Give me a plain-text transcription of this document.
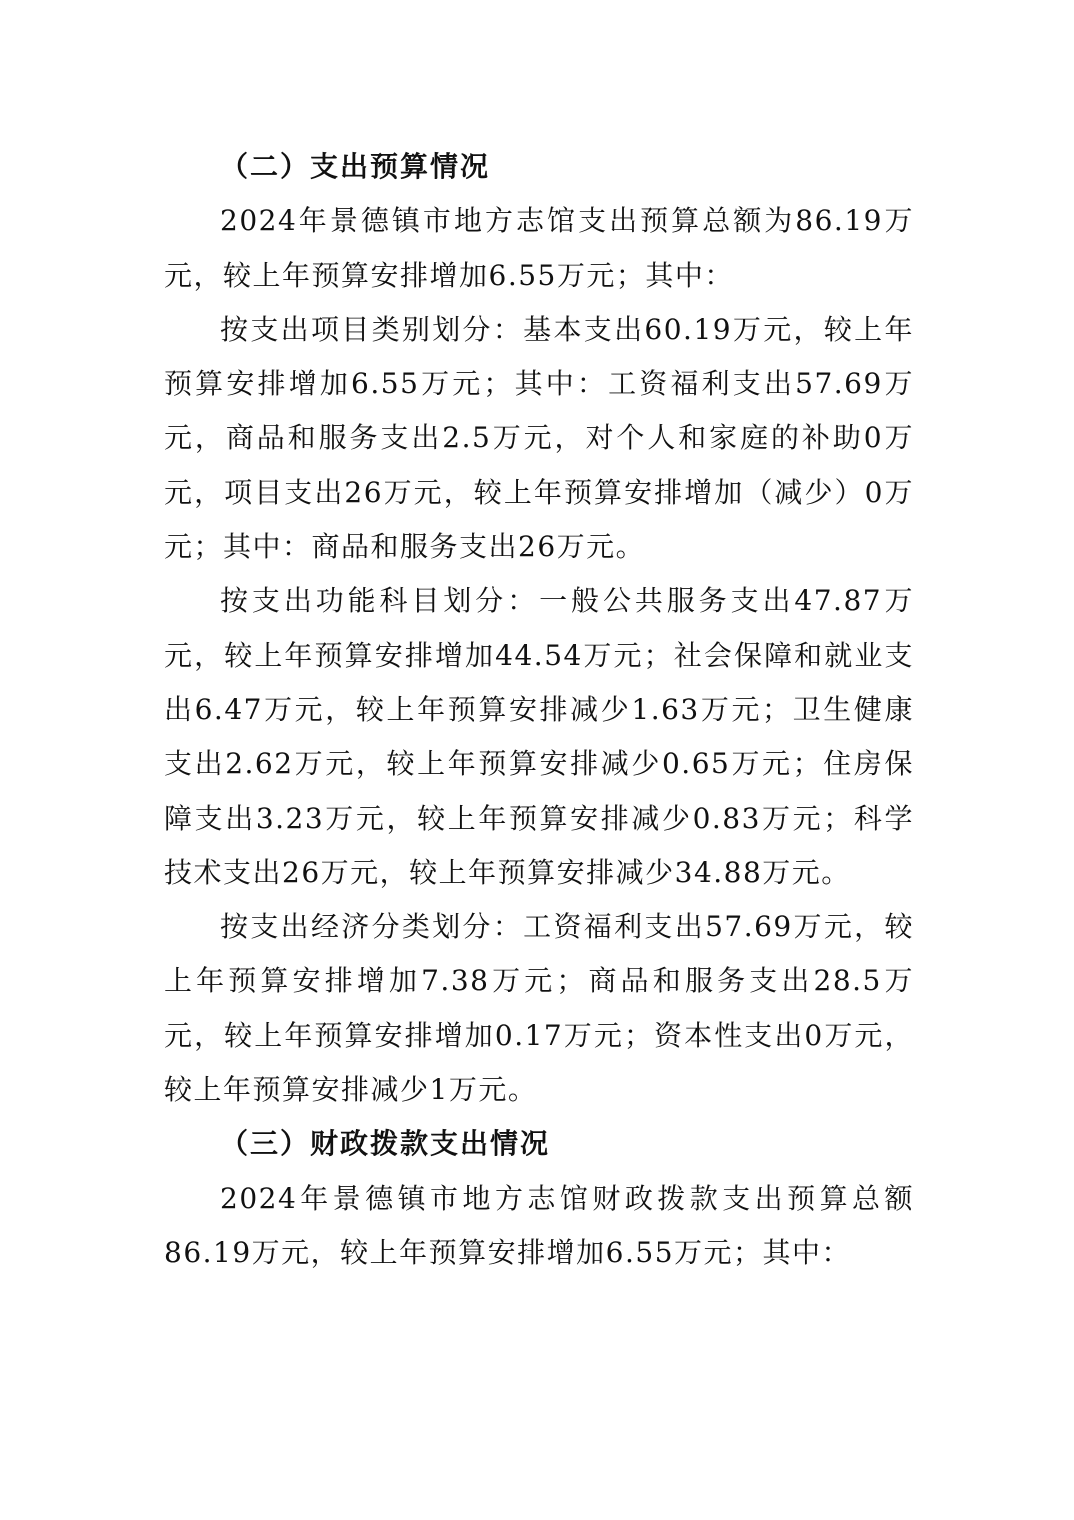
（二）支出预算情况

2024年景德镇市地方志馆支出预算总额为86.19万元，较上年预算安排增加6.55万元；其中：

按支出项目类别划分：基本支出60.19万元，较上年预算安排增加6.55万元；其中：工资福利支出57.69万元，商品和服务支出2.5万元，对个人和家庭的补助0万元，项目支出26万元，较上年预算安排增加（减少）0万元；其中：商品和服务支出26万元。

按支出功能科目划分：一般公共服务支出47.87万元，较上年预算安排增加44.54万元；社会保障和就业支出6.47万元，较上年预算安排减少1.63万元；卫生健康支出2.62万元，较上年预算安排减少0.65万元；住房保障支出3.23万元，较上年预算安排减少0.83万元；科学技术支出26万元，较上年预算安排减少34.88万元。

按支出经济分类划分：工资福利支出57.69万元，较上年预算安排增加7.38万元；商品和服务支出28.5万元，较上年预算安排增加0.17万元；资本性支出0万元，较上年预算安排减少1万元。

（三）财政拨款支出情况

2024年景德镇市地方志馆财政拨款支出预算总额86.19万元，较上年预算安排增加6.55万元；其中：
